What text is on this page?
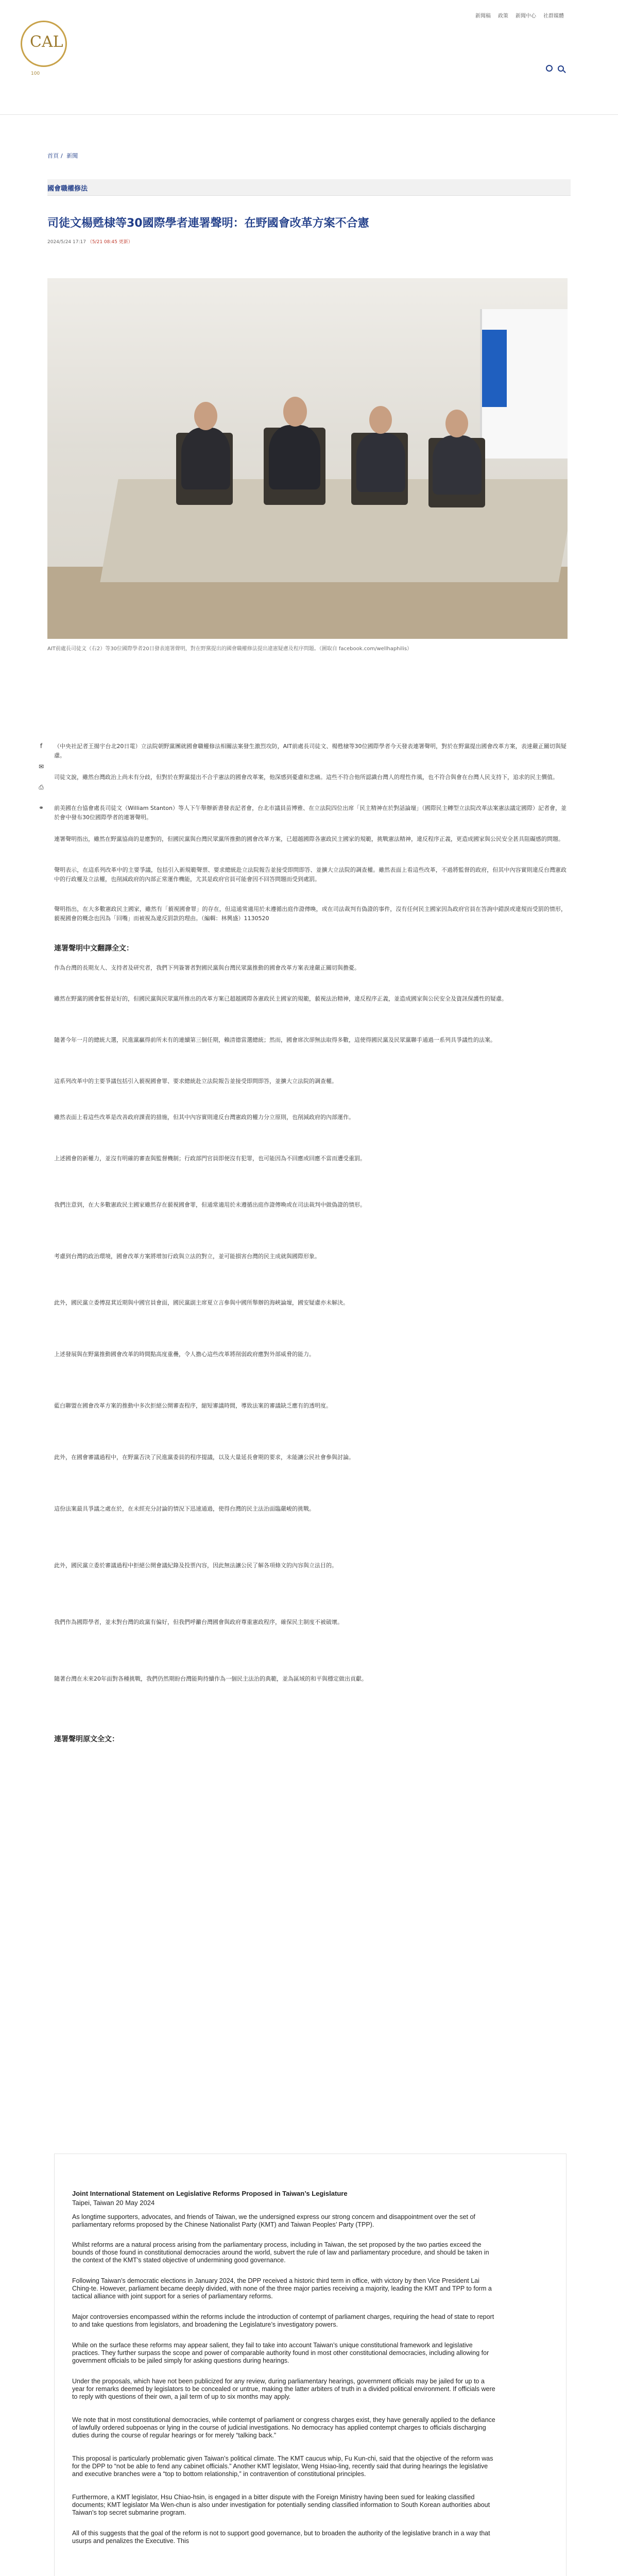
CAL
100
新聞稿 政策 新聞中心 社群媒體
首頁 / 新聞
國會職權修法
司徒文楊甦棣等30國際學者連署聲明：在野國會改革方案不合憲
2024/5/24 17:17 （5/21 08:45 更新）
AIT前處長司徒文（右2）等30位國際學者20日發表連署聲明，對在野黨提出的國會職權修法提出違憲疑慮及程序問題。（圖取自 facebook.com/wellhaphilis）
f
✉
⎙
⚭
（中央社記者王揚宇台北20日電）立法院朝野黨團就國會職權修法相關法案發生激烈攻防，AIT前處長司徒文、楊甦棣等30位國際學者今天發表連署聲明，對於在野黨提出國會改革方案，表達嚴正關切與疑慮。
司徒文說，雖然台灣政治上尚未有分歧，但對於在野黨提出不合乎憲法的國會改革案，他深感到憂慮和悲痛。這些不符合他所認識台灣人的理性作風，也不符合與會在台灣人民支持下，追求的民主價值。
前美國在台協會處長司徒文（William Stanton）等人下午舉辦新書發表記者會，台北市議員苗博雅、在立法院四位出席「民主精神在於對話論壇」（國際民主轉型立法院改革法案憲法議定國際）記者會，並於會中發布30位國際學者的連署聲明。
連署聲明指出，雖然在野黨協商的是應對的，但國民黨與台灣民眾黨所推動的國會改革方案，已超越國際各憲政民主國家的規範，挑戰憲法精神，違反程序正義，更造成國家與公民安全甚具阻礙感的問題。
聲明表示，在這系列改革中的主要爭議，包括引入新規範聲票、要求總統赴立法院報告並接受即問即答、並擴大立法院的調查權。雖然表面上看這些改革，不過將監督的政府，但其中內容實則違反台灣憲政中的行政權及立法權，也削減政府的內部正常運作機能，尤其是政府官員可能會因不回答問題而受到處罰。
聲明指出，在大多數憲政民主國家，雖然有「藐視國會罪」的存在，但這通常適用於未遵循出庭作證傳喚，或在司法裁判有偽證的事件，沒有任何民主國家因為政府官員在答詢中錯誤或違規而受罰的情形，藐視國會的概念也因為「回嘴」而被視為違反罰款的理由。（編輯：林興盛）1130520
連署聲明中文翻譯全文：
作為台灣的長期友人、支持者及研究者，我們下列簽署者對國民黨與台灣民眾黨推動的國會改革方案表達嚴正關切與擔憂。
雖然在野黨的國會監督是好的，但國民黨與民眾黨所推出的改革方案已超越國際各憲政民主國家的規範，藐視法治精神，違反程序正義，並造成國家與公民安全及資訊保護性的疑慮。
隨著今年一月的總統大選，民進黨贏得前所未有的連續第三個任期，賴清德當選總統；然而，國會席次卻無法取得多數，這使得國民黨及民眾黨聯手通過一系列具爭議性的法案。
這系列改革中的主要爭議包括引入藐視國會罪、要求總統赴立法院報告並接受即問即答，並擴大立法院的調查權。
雖然表面上看這些改革是改善政府課責的措施，但其中內容實則違反台灣憲政的權力分立原則，也削減政府的內部運作。
上述國會的新權力，並沒有明確的審查與監督機制；行政部門官員即便沒有犯罪，也可能因為不回應或回應不當而遭受重罰。
我們注意到，在大多數憲政民主國家雖然存在藐視國會罪，但通常適用於未遵循出庭作證傳喚或在司法裁判中做偽證的情形。
考慮到台灣的政治環境，國會改革方案將增加行政與立法的對立，並可能損害台灣的民主成就與國際形象。
此外，國民黨立委傅崑萁近期與中國官員會面，國民黨副主席夏立言參與中國所舉辦的海峽論壇，國安疑慮亦未解決。
上述發展與在野黨推動國會改革的時間點高度重疊，令人擔心這些改革將削弱政府應對外部威脅的能力。
藍白聯盟在國會改革方案的推動中多次拒絕公開審查程序，縮短審議時間，導致法案的審議缺乏應有的透明度。
此外，在國會審議過程中，在野黨否決了民進黨委員的程序提議，以及大量延長會期的要求，未能讓公民社會參與討論。
這份法案最具爭議之處在於，在未經充分討論的情況下迅速通過，使得台灣的民主法治面臨嚴峻的挑戰。
此外，國民黨立委於審議過程中拒絕公開會議紀錄及投票內容，因此無法讓公民了解各項條文的內容與立法目的。
我們作為國際學者，並未對台灣的政黨有偏好，但我們呼籲台灣國會與政府尊重憲政程序，確保民主制度不被破壞。
隨著台灣在未來20年面對各種挑戰，我們仍然期盼台灣能夠持續作為一個民主法治的典範，並為區域的和平與穩定做出貢獻。
連署聲明原文全文：
Joint International Statement on Legislative Reforms Proposed in Taiwan’s Legislature
Taipei, Taiwan 20 May 2024
As longtime supporters, advocates, and friends of Taiwan, we the undersigned express our strong concern and disappointment over the set of parliamentary reforms proposed by the Chinese Nationalist Party (KMT) and Taiwan Peoples’ Party (TPP).
Whilst reforms are a natural process arising from the parliamentary process, including in Taiwan, the set proposed by the two parties exceed the bounds of those found in constitutional democracies around the world, subvert the rule of law and parliamentary procedure, and should be taken in the context of the KMT’s stated objective of undermining good governance.
Following Taiwan’s democratic elections in January 2024, the DPP received a historic third term in office, with victory by then Vice President Lai Ching-te. However, parliament became deeply divided, with none of the three major parties receiving a majority, leading the KMT and TPP to form a tactical alliance with joint support for a series of parliamentary reforms.
Major controversies encompassed within the reforms include the introduction of contempt of parliament charges, requiring the head of state to report to and take questions from legislators, and broadening the Legislature’s investigatory powers.
While on the surface these reforms may appear salient, they fail to take into account Taiwan’s unique constitutional framework and legislative practices. They further surpass the scope and power of comparable authority found in most other constitutional democracies, including allowing for government officials to be jailed simply for asking questions during hearings.
Under the proposals, which have not been publicized for any review, during parliamentary hearings, government officials may be jailed for up to a year for remarks deemed by legislators to be concealed or untrue, making the latter arbiters of truth in a divided political environment. If officials were to reply with questions of their own, a jail term of up to six months may apply.
We note that in most constitutional democracies, while contempt of parliament or congress charges exist, they have generally applied to the defiance of lawfully ordered subpoenas or lying in the course of judicial investigations. No democracy has applied contempt charges to officials discharging duties during the course of regular hearings or for merely “talking back.”
This proposal is particularly problematic given Taiwan’s political climate. The KMT caucus whip, Fu Kun-chi, said that the objective of the reform was for the DPP to “not be able to fend any cabinet officials.” Another KMT legislator, Weng Hsiao-ling, recently said that during hearings the legislative and executive branches were a “top to bottom relationship,” in contravention of constitutional principles.
Furthermore, a KMT legislator, Hsu Chiao-hsin, is engaged in a bitter dispute with the Foreign Ministry having been sued for leaking classified documents; KMT legislator Ma Wen-chun is also under investigation for potentially sending classified information to South Korean authorities about Taiwan’s top secret submarine program.
All of this suggests that the goal of the reform is not to support good governance, but to broaden the authority of the legislative branch in a way that usurps and penalizes the Executive. This
